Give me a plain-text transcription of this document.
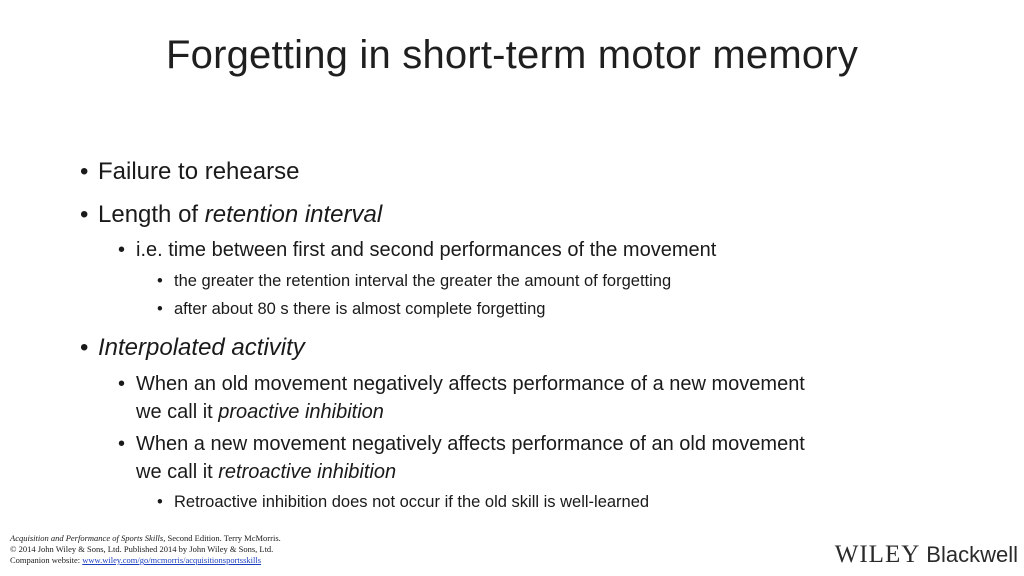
Forgetting in short-term motor memory
• Failure to rehearse
• Length of retention interval
• i.e. time between first and second performances of the movement
• the greater the retention interval the greater the amount of forgetting
• after about 80 s there is almost complete forgetting
• Interpolated activity
• When an old movement negatively affects performance of a new movement
we call it proactive inhibition
• When a new movement negatively affects performance of an old movement
we call it retroactive inhibition
• Retroactive inhibition does not occur if the old skill is well-learned
Acquisition and Performance of Sports Skills, Second Edition. Terry McMorris.
© 2014 John Wiley & Sons, Ltd. Published 2014 by John Wiley & Sons, Ltd.
Companion website: www.wiley.com/go/mcmorris/acquisitionsportsskills	WILEY Blackwell
